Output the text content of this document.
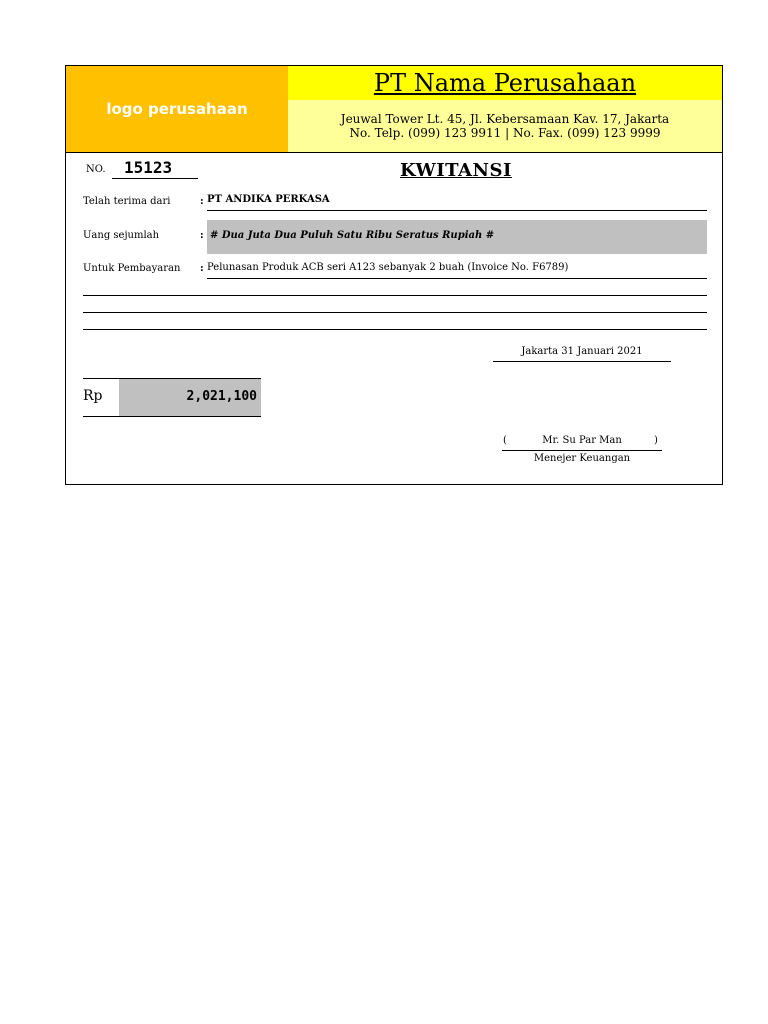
logo perusahaan
PT Nama Perusahaan
Jeuwal Tower Lt. 45, Jl. Kebersamaan Kav. 17, Jakarta
No. Telp. (099) 123 9911 | No. Fax. (099) 123 9999
NO.	15123	KWITANSI
Telah terima dari	: PT ANDIKA PERKASA
Uang sejumlah	: # Dua Juta Dua Puluh Satu Ribu Seratus Rupiah #
Untuk Pembayaran : Pelunasan Produk ACB seri A123 sebanyak 2 buah (Invoice No. F6789)
Jakarta 31 Januari 2021
Rp	2,021,100
(	Mr. Su Par Man	)
Menejer Keuangan
